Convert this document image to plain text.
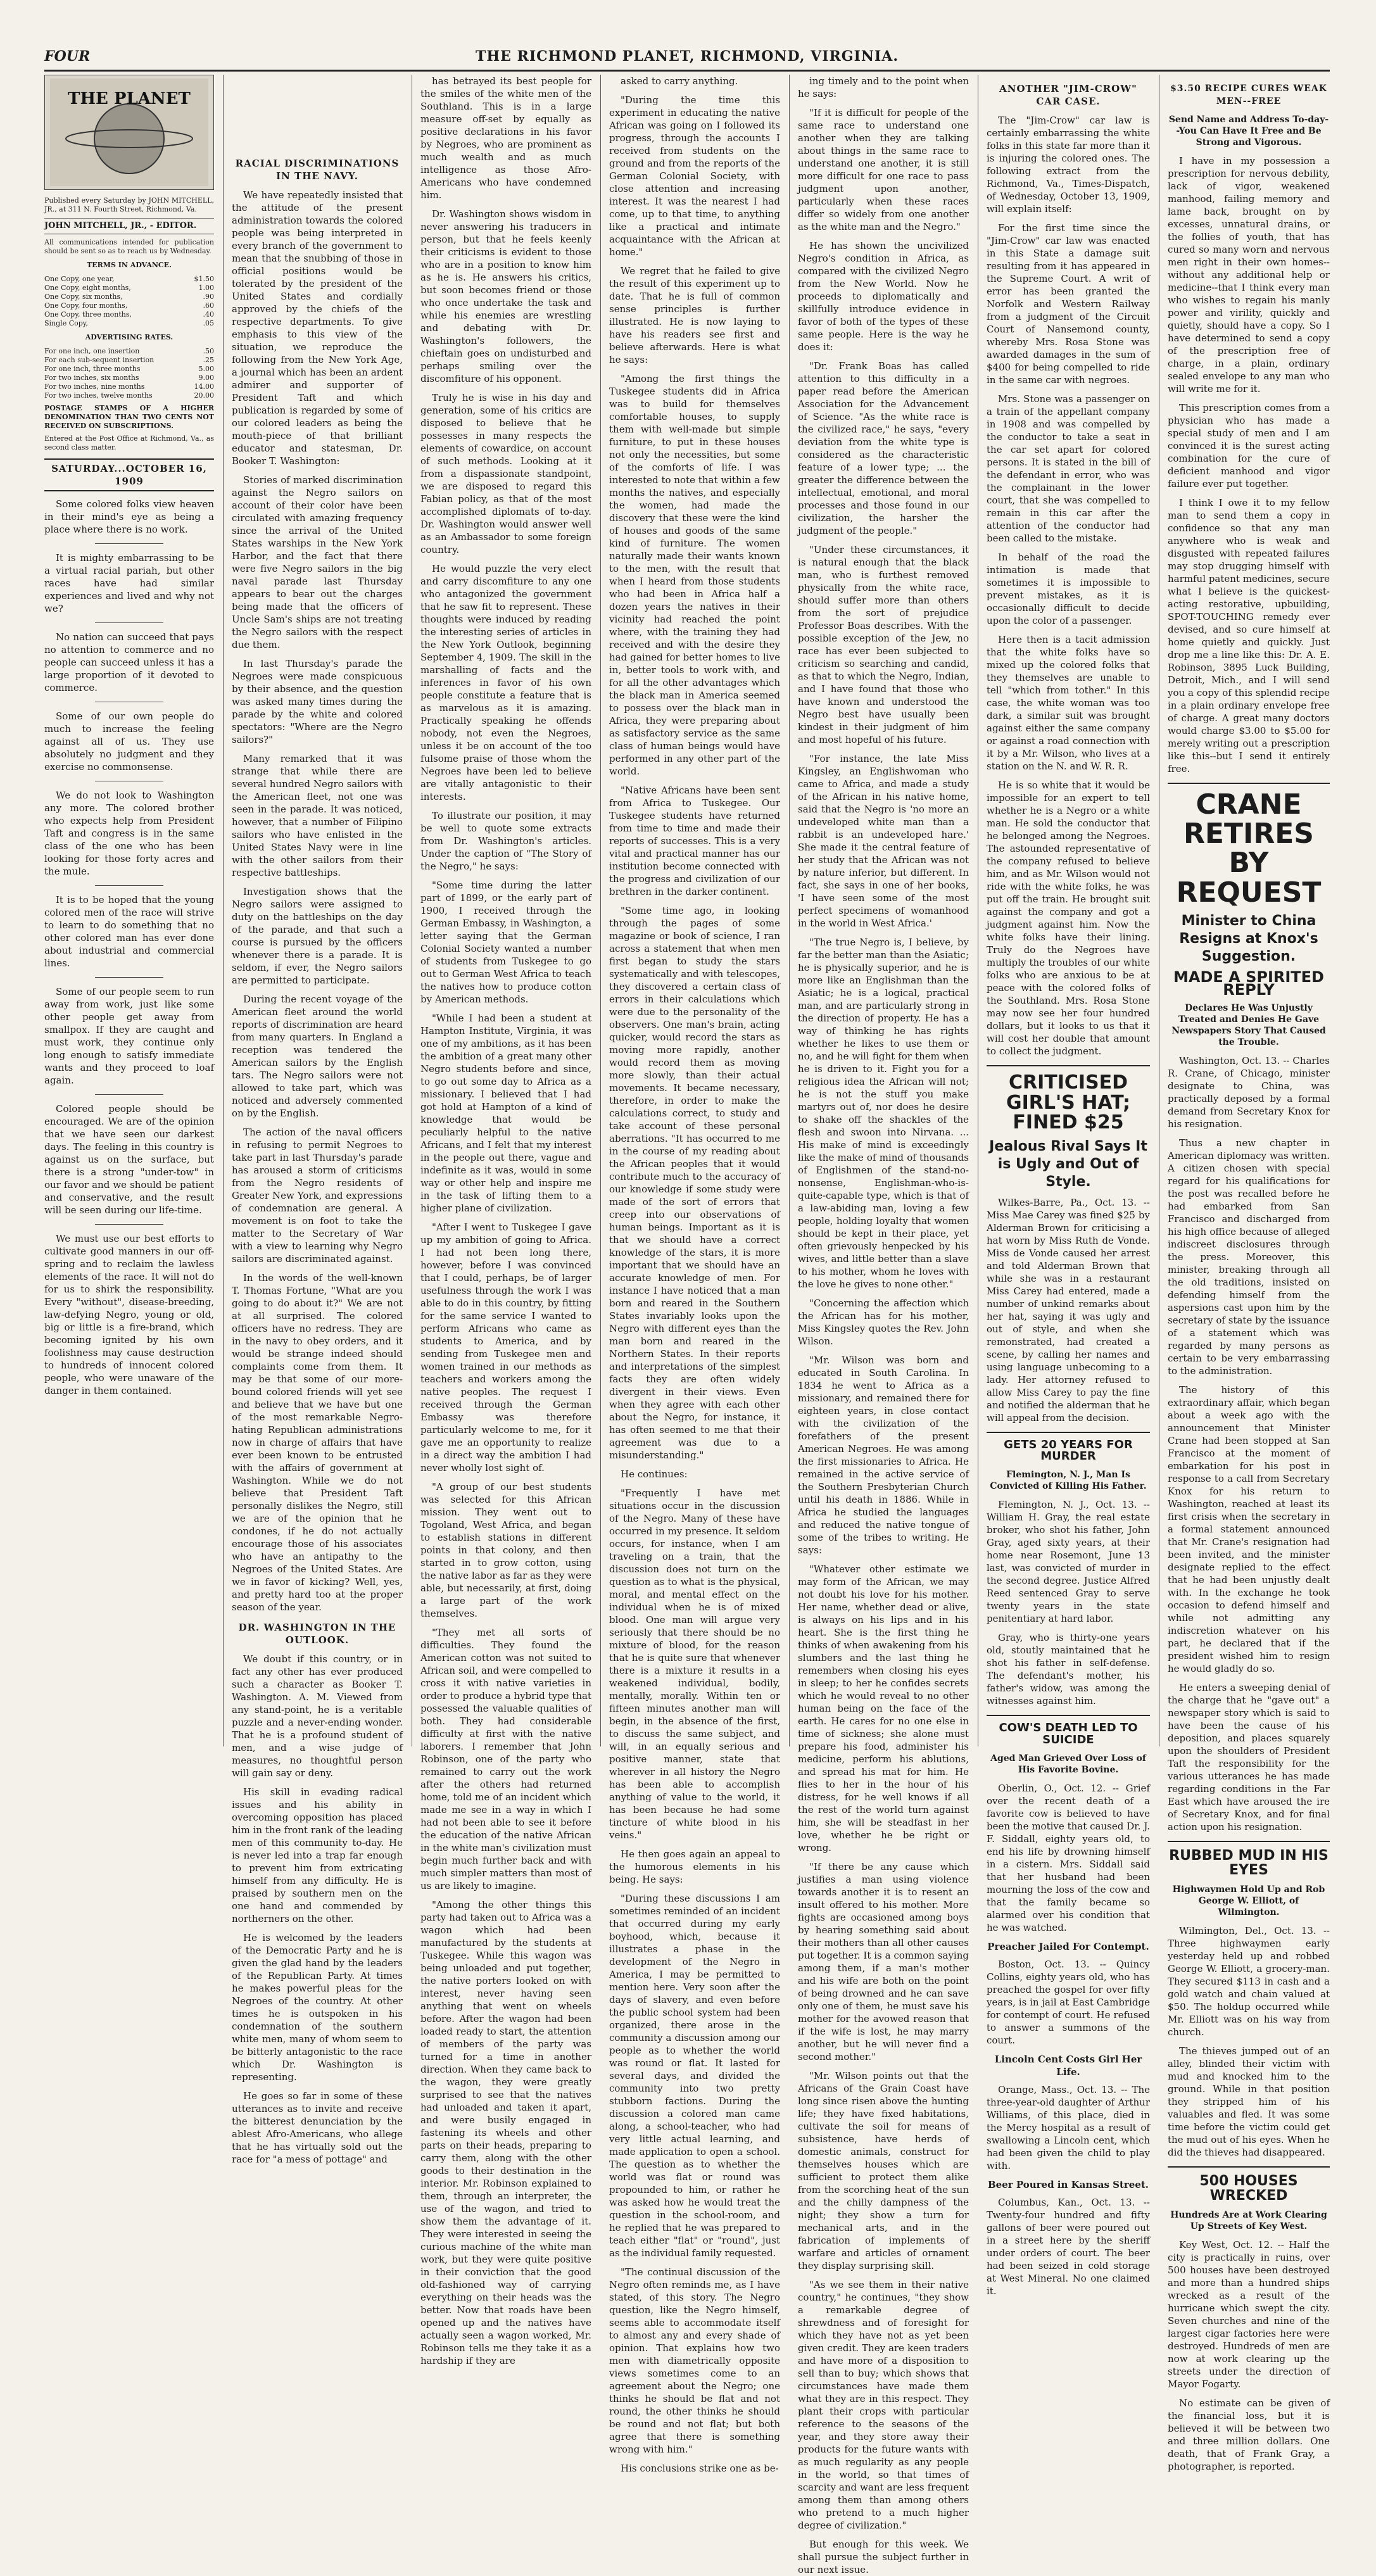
FOUR	THE RICHMOND PLANET, RICHMOND, VIRGINIA.
THE PLANET
Published every Saturday by JOHN MITCHELL, JR., at 311 N. Fourth Street, Richmond, Va.
JOHN MITCHELL, JR., - EDITOR.
All communications intended for publication should be sent so as to reach us by Wednesday.
TERMS IN ADVANCE.
One Copy, one year,	$1.50
One Copy, eight months,	1.00
One Copy, six months,	.90
One Copy, four months,	.60
One Copy, three months,	.40
Single Copy,	.05
ADVERTISING RATES.
For one inch, one insertion	.50
For each sub-sequent insertion	.25
For one inch, three months	5.00
For two inches, six months	9.00
For two inches, nine months	14.00
For two inches, twelve months	20.00
POSTAGE STAMPS OF A HIGHER DENOMINATION THAN TWO CENTS NOT RECEIVED ON SUBSCRIPTIONS.
Entered at the Post Office at Richmond, Va., as second class matter.
SATURDAY...OCTOBER 16, 1909

Some colored folks view heaven in their mind's eye as being a place where there is no work.

It is mighty embarrassing to be a virtual racial pariah, but other races have had similar experiences and lived and why not we?

No nation can succeed that pays no attention to commerce and no people can succeed unless it has a large proportion of it devoted to commerce.

Some of our own people do much to increase the feeling against all of us. They use absolutely no judgment and they exercise no commonsense.

We do not look to Washington any more. The colored brother who expects help from President Taft and congress is in the same class of the one who has been looking for those forty acres and the mule.

It is to be hoped that the young colored men of the race will strive to learn to do something that no other colored man has ever done about industrial and commercial lines.

Some of our people seem to run away from work, just like some other people get away from smallpox. If they are caught and must work, they continue only long enough to satisfy immediate wants and they proceed to loaf again.

Colored people should be encouraged. We are of the opinion that we have seen our darkest days. The feeling in this country is against us on the surface, but there is a strong "under-tow" in our favor and we should be patient and conservative, and the result will be seen during our life-time.

We must use our best efforts to cultivate good manners in our off-spring and to reclaim the lawless elements of the race. It will not do for us to shirk the responsibility. Every "without", disease-breeding, law-defying Negro, young or old, big or little is a fire-brand, which becoming ignited by his own foolishness may cause destruction to hundreds of innocent colored people, who were unaware of the danger in them contained.

RACIAL DISCRIMINATIONS IN THE NAVY.

We have repeatedly insisted that the attitude of the present administration towards the colored people was being interpreted in every branch of the government to mean that the snubbing of those in official positions would be tolerated by the president of the United States and cordially approved by the chiefs of the respective departments. To give emphasis to this view of the situation, we reproduce the following from the New York Age, a journal which has been an ardent admirer and supporter of President Taft and which publication is regarded by some of our colored leaders as being the mouth-piece of that brilliant educator and statesman, Dr. Booker T. Washington:

Stories of marked discrimination against the Negro sailors on account of their color have been circulated with amazing frequency since the arrival of the United States warships in the New York Harbor, and the fact that there were five Negro sailors in the big naval parade last Thursday appears to bear out the charges being made that the officers of Uncle Sam's ships are not treating the Negro sailors with the respect due them.

In last Thursday's parade the Negroes were made conspicuous by their absence, and the question was asked many times during the parade by the white and colored spectators: "Where are the Negro sailors?"

Many remarked that it was strange that while there are several hundred Negro sailors with the American fleet, not one was seen in the parade. It was noticed, however, that a number of Filipino sailors who have enlisted in the United States Navy were in line with the other sailors from their respective battleships.

Investigation shows that the Negro sailors were assigned to duty on the battleships on the day of the parade, and that such a course is pursued by the officers whenever there is a parade. It is seldom, if ever, the Negro sailors are permitted to participate.

During the recent voyage of the American fleet around the world reports of discrimination are heard from many quarters. In England a reception was tendered the American sailors by the English tars. The Negro sailors were not allowed to take part, which was noticed and adversely commented on by the English.

The action of the naval officers in refusing to permit Negroes to take part in last Thursday's parade has aroused a storm of criticisms from the Negro residents of Greater New York, and expressions of condemnation are general. A movement is on foot to take the matter to the Secretary of War with a view to learning why Negro sailors are discriminated against.

In the words of the well-known T. Thomas Fortune, "What are you going to do about it?" We are not at all surprised. The colored officers have no redress. They are in the navy to obey orders, and it would be strange indeed should complaints come from them. It may be that some of our more-bound colored friends will yet see and believe that we have but one of the most remarkable Negro-hating Republican administrations now in charge of affairs that have ever been known to be entrusted with the affairs of government at Washington. While we do not believe that President Taft personally dislikes the Negro, still we are of the opinion that he condones, if he do not actually encourage those of his associates who have an antipathy to the Negroes of the United States. Are we in favor of kicking? Well, yes, and pretty hard too at the proper season of the year.

DR. WASHINGTON IN THE OUTLOOK.

We doubt if this country, or in fact any other has ever produced such a character as Booker T. Washington. A. M. Viewed from any stand-point, he is a veritable puzzle and a never-ending wonder. That he is a profound student of men, and a wise judge of measures, no thoughtful person will gain say or deny.

His skill in evading radical issues and his ability in overcoming opposition has placed him in the front rank of the leading men of this community to-day. He is never led into a trap far enough to prevent him from extricating himself from any difficulty. He is praised by southern men on the one hand and commended by northerners on the other.

He is welcomed by the leaders of the Democratic Party and he is given the glad hand by the leaders of the Republican Party. At times he makes powerful pleas for the Negroes of the country. At other times he is outspoken in his condemnation of the southern white men, many of whom seem to be bitterly antagonistic to the race which Dr. Washington is representing.

He goes so far in some of these utterances as to invite and receive the bitterest denunciation by the ablest Afro-Americans, who allege that he has virtually sold out the race for "a mess of pottage" and

has betrayed its best people for the smiles of the white men of the Southland. This is in a large measure off-set by equally as positive declarations in his favor by Negroes, who are prominent as much wealth and as much intelligence as those Afro-Americans who have condemned him.

Dr. Washington shows wisdom in never answering his traducers in person, but that he feels keenly their criticisms is evident to those who are in a position to know him as he is. He answers his critics, but soon becomes friend or those who once undertake the task and while his enemies are wrestling and debating with Dr. Washington's followers, the chieftain goes on undisturbed and perhaps smiling over the discomfiture of his opponent.

Truly he is wise in his day and generation, some of his critics are disposed to believe that he possesses in many respects the elements of cowardice, on account of such methods. Looking at it from a dispassionate standpoint, we are disposed to regard this Fabian policy, as that of the most accomplished diplomats of to-day. Dr. Washington would answer well as an Ambassador to some foreign country.

He would puzzle the very elect and carry discomfiture to any one who antagonized the government that he saw fit to represent. These thoughts were induced by reading the interesting series of articles in the New York Outlook, beginning September 4, 1909. The skill in the marshalling of facts and the inferences in favor of his own people constitute a feature that is as marvelous as it is amazing. Practically speaking he offends nobody, not even the Negroes, unless it be on account of the too fulsome praise of those whom the Negroes have been led to believe are vitally antagonistic to their interests.

To illustrate our position, it may be well to quote some extracts from Dr. Washington's articles. Under the caption of "The Story of the Negro," he says:

"Some time during the latter part of 1899, or the early part of 1900, I received through the German Embassy, in Washington, a letter saying that the German Colonial Society wanted a number of students from Tuskegee to go out to German West Africa to teach the natives how to produce cotton by American methods.

"While I had been a student at Hampton Institute, Virginia, it was one of my ambitions, as it has been the ambition of a great many other Negro students before and since, to go out some day to Africa as a missionary. I believed that I had got hold at Hampton of a kind of knowledge that would be peculiarly helpful to the native Africans, and I felt that my interest in the people out there, vague and indefinite as it was, would in some way or other help and inspire me in the task of lifting them to a higher plane of civilization.

"After I went to Tuskegee I gave up my ambition of going to Africa. I had not been long there, however, before I was convinced that I could, perhaps, be of larger usefulness through the work I was able to do in this country, by fitting for the same service I wanted to perform Africans who came as students to America, and by sending from Tuskegee men and women trained in our methods as teachers and workers among the native peoples. The request I received through the German Embassy was therefore particularly welcome to me, for it gave me an opportunity to realize in a direct way the ambition I had never wholly lost sight of.

"A group of our best students was selected for this African mission. They went out to Togoland, West Africa, and began to establish stations in different points in that colony, and then started in to grow cotton, using the native labor as far as they were able, but necessarily, at first, doing a large part of the work themselves.

"They met all sorts of difficulties. They found the American cotton was not suited to African soil, and were compelled to cross it with native varieties in order to produce a hybrid type that possessed the valuable qualities of both. They had considerable difficulty at first with the native laborers. I remember that John Robinson, one of the party who remained to carry out the work after the others had returned home, told me of an incident which made me see in a way in which I had not been able to see it before the education of the native African in the white man's civilization must begin much further back and with much simpler matters than most of us are likely to imagine.

"Among the other things this party had taken out to Africa was a wagon which had been manufactured by the students at Tuskegee. While this wagon was being unloaded and put together, the native porters looked on with interest, never having seen anything that went on wheels before. After the wagon had been loaded ready to start, the attention of members of the party was turned for a time in another direction. When they came back to the wagon, they were greatly surprised to see that the natives had unloaded and taken it apart, and were busily engaged in fastening its wheels and other parts on their heads, preparing to carry them, along with the other goods to their destination in the interior. Mr. Robinson explained to them, through an interpreter, the use of the wagon, and tried to show them the advantage of it. They were interested in seeing the curious machine of the white man work, but they were quite positive in their conviction that the good old-fashioned way of carrying everything on their heads was the better. Now that roads have been opened up and the natives have actually seen a wagon worked, Mr. Robinson tells me they take it as a hardship if they are

asked to carry anything.

"During the time this experiment in educating the native African was going on I followed its progress, through the accounts I received from students on the ground and from the reports of the German Colonial Society, with close attention and increasing interest. It was the nearest I had come, up to that time, to anything like a practical and intimate acquaintance with the African at home."

We regret that he failed to give the result of this experiment up to date. That he is full of common sense principles is further illustrated. He is now laying to have his readers see first and believe afterwards. Here is what he says:

"Among the first things the Tuskegee students did in Africa was to build for themselves comfortable houses, to supply them with well-made but simple furniture, to put in these houses not only the necessities, but some of the comforts of life. I was interested to note that within a few months the natives, and especially the women, had made the discovery that these were the kind of houses and goods of the same kind of furniture. The women naturally made their wants known to the men, with the result that when I heard from those students who had been in Africa half a dozen years the natives in their vicinity had reached the point where, with the training they had received and with the desire they had gained for better homes to live in, better tools to work with, and for all the other advantages which the black man in America seemed to possess over the black man in Africa, they were preparing about as satisfactory service as the same class of human beings would have performed in any other part of the world.

"Native Africans have been sent from Africa to Tuskegee. Our Tuskegee students have returned from time to time and made their reports of successes. This is a very vital and practical manner has our institution become connected with the progress and civilization of our brethren in the darker continent.

"Some time ago, in looking through the pages of some magazine or book of science, I ran across a statement that when men first began to study the stars systematically and with telescopes, they discovered a certain class of errors in their calculations which were due to the personality of the observers. One man's brain, acting quicker, would record the stars as moving more rapidly, another would record them as moving more slowly, than their actual movements. It became necessary, therefore, in order to make the calculations correct, to study and take account of these personal aberrations. "It has occurred to me in the course of my reading about the African peoples that it would contribute much to the accuracy of our knowledge if some study were made of the sort of errors that creep into our observations of human beings. Important as it is that we should have a correct knowledge of the stars, it is more important that we should have an accurate knowledge of men. For instance I have noticed that a man born and reared in the Southern States invariably looks upon the Negro with different eyes than the man born and reared in the Northern States. In their reports and interpretations of the simplest facts they are often widely divergent in their views. Even when they agree with each other about the Negro, for instance, it has often seemed to me that their agreement was due to a misunderstanding."

He continues:

"Frequently I have met situations occur in the discussion of the Negro. Many of these have occurred in my presence. It seldom occurs, for instance, when I am traveling on a train, that the discussion does not turn on the question as to what is the physical, moral, and mental effect on the individual when he is of mixed blood. One man will argue very seriously that there should be no mixture of blood, for the reason that he is quite sure that whenever there is a mixture it results in a weakened individual, bodily, mentally, morally. Within ten or fifteen minutes another man will begin, in the absence of the first, to discuss the same subject, and will, in an equally serious and positive manner, state that wherever in all history the Negro has been able to accomplish anything of value to the world, it has been because he had some tincture of white blood in his veins."

He then goes again an appeal to the humorous elements in his being. He says:

"During these discussions I am sometimes reminded of an incident that occurred during my early boyhood, which, because it illustrates a phase in the development of the Negro in America, I may be permitted to mention here. Very soon after the days of slavery, and even before the public school system had been organized, there arose in the community a discussion among our people as to whether the world was round or flat. It lasted for several days, and divided the community into two pretty stubborn factions. During the discussion a colored man came along, a school-teacher, who had very little actual learning, and made application to open a school. The question as to whether the world was flat or round was propounded to him, or rather he was asked how he would treat the question in the school-room, and he replied that he was prepared to teach either "flat" or "round", just as the individual family requested.

"The continual discussion of the Negro often reminds me, as I have stated, of this story. The Negro question, like the Negro himself, seems able to accommodate itself to almost any and every shade of opinion. That explains how two men with diametrically opposite views sometimes come to an agreement about the Negro; one thinks he should be flat and not round, the other thinks he should be round and not flat; but both agree that there is something wrong with him."

His conclusions strike one as be-

ing timely and to the point when he says:

"If it is difficult for people of the same race to understand one another when they are talking about things in the same race to understand one another, it is still more difficult for one race to pass judgment upon another, particularly when these races differ so widely from one another as the white man and the Negro."

He has shown the uncivilized Negro's condition in Africa, as compared with the civilized Negro from the New World. Now he proceeds to diplomatically and skillfully introduce evidence in favor of both of the types of these same people. Here is the way he does it:

"Dr. Frank Boas has called attention to this difficulty in a paper read before the American Association for the Advancement of Science. "As the white race is the civilized race," he says, "every deviation from the white type is considered as the characteristic feature of a lower type; ... the greater the difference between the intellectual, emotional, and moral processes and those found in our civilization, the harsher the judgment of the people."

"Under these circumstances, it is natural enough that the black man, who is furthest removed physically from the white race, should suffer more than others from the sort of prejudice Professor Boas describes. With the possible exception of the Jew, no race has ever been subjected to criticism so searching and candid, as that to which the Negro, Indian, and I have found that those who have known and understood the Negro best have usually been kindest in their judgment of him and most hopeful of his future.

"For instance, the late Miss Kingsley, an Englishwoman who came to Africa, and made a study of the African in his native home, said that the Negro is 'no more an undeveloped white man than a rabbit is an undeveloped hare.' She made it the central feature of her study that the African was not by nature inferior, but different. In fact, she says in one of her books, 'I have seen some of the most perfect specimens of womanhood in the world in West Africa.'

"The true Negro is, I believe, by far the better man than the Asiatic; he is physically superior, and he is more like an Englishman than the Asiatic; he is a logical, practical man, and are particularly strong in the direction of property. He has a way of thinking he has rights whether he likes to use them or no, and he will fight for them when he is driven to it. Fight you for a religious idea the African will not; he is not the stuff you make martyrs out of, nor does he desire to shake off the shackles of the flesh and swoon into Nirvana. ... His make of mind is exceedingly like the make of mind of thousands of Englishmen of the stand-no-nonsense, Englishman-who-is-quite-capable type, which is that of a law-abiding man, loving a few people, holding loyalty that women should be kept in their place, yet often grievously henpecked by his wives, and little better than a slave to his mother, whom he loves with the love he gives to none other."

"Concerning the affection which the African has for his mother, Miss Kingsley quotes the Rev. John Wilson.

"Mr. Wilson was born and educated in South Carolina. In 1834 he went to Africa as a missionary, and remained there for eighteen years, in close contact with the civilization of the forefathers of the present American Negroes. He was among the first missionaries to Africa. He remained in the active service of the Southern Presbyterian Church until his death in 1886. While in Africa he studied the languages and reduced the native tongue of some of the tribes to writing. He says:

"Whatever other estimate we may form of the African, we may not doubt his love for his mother. Her name, whether dead or alive, is always on his lips and in his heart. She is the first thing he thinks of when awakening from his slumbers and the last thing he remembers when closing his eyes in sleep; to her he confides secrets which he would reveal to no other human being on the face of the earth. He cares for no one else in time of sickness; she alone must prepare his food, administer his medicine, perform his ablutions, and spread his mat for him. He flies to her in the hour of his distress, for he well knows if all the rest of the world turn against him, she will be steadfast in her love, whether he be right or wrong.

"If there be any cause which justifies a man using violence towards another it is to resent an insult offered to his mother. More fights are occasioned among boys by hearing something said about their mothers than all other causes put together. It is a common saying among them, if a man's mother and his wife are both on the point of being drowned and he can save only one of them, he must save his mother for the avowed reason that if the wife is lost, he may marry another, but he will never find a second mother."

"Mr. Wilson points out that the Africans of the Grain Coast have long since risen above the hunting life; they have fixed habitations, cultivate the soil for means of subsistence, have herds of domestic animals, construct for themselves houses which are sufficient to protect them alike from the scorching heat of the sun and the chilly dampness of the night; they show a turn for mechanical arts, and in the fabrication of implements of warfare and articles of ornament they display surprising skill.

"As we see them in their native country," he continues, "they show a remarkable degree of shrewdness and of foresight for which they have not as yet been given credit. They are keen traders and have more of a disposition to sell than to buy; which shows that circumstances have made them what they are in this respect. They plant their crops with particular reference to the seasons of the year, and they store away their products for the future wants with as much regularity as any people in the world, so that times of scarcity and want are less frequent among them than among others who pretend to a much higher degree of civilization."

But enough for this week. We shall pursue the subject further in our next issue.

ANOTHER "JIM-CROW" CAR CASE.

The "Jim-Crow" car law is certainly embarrassing the white folks in this state far more than it is injuring the colored ones. The following extract from the Richmond, Va., Times-Dispatch, of Wednesday, October 13, 1909, will explain itself:

For the first time since the "Jim-Crow" car law was enacted in this State a damage suit resulting from it has appeared in the Supreme Court. A writ of error has been granted the Norfolk and Western Railway from a judgment of the Circuit Court of Nansemond county, whereby Mrs. Rosa Stone was awarded damages in the sum of $400 for being compelled to ride in the same car with negroes.

Mrs. Stone was a passenger on a train of the appellant company in 1908 and was compelled by the conductor to take a seat in the car set apart for colored persons. It is stated in the bill of the defendant in error, who was the complainant in the lower court, that she was compelled to remain in this car after the attention of the conductor had been called to the mistake.

In behalf of the road the intimation is made that sometimes it is impossible to prevent mistakes, as it is occasionally difficult to decide upon the color of a passenger.

Here then is a tacit admission that the white folks have so mixed up the colored folks that they themselves are unable to tell "which from tother." In this case, the white woman was too dark, a similar suit was brought against either the same company or against a road connection with it by a Mr. Wilson, who lives at a station on the N. and W. R. R.

He is so white that it would be impossible for an expert to tell whether he is a Negro or a white man. He sold the conductor that he belonged among the Negroes. The astounded representative of the company refused to believe him, and as Mr. Wilson would not ride with the white folks, he was put off the train. He brought suit against the company and got a judgment against him. Now the white folks have their lining. Truly do the Negroes have multiply the troubles of our white folks who are anxious to be at peace with the colored folks of the Southland. Mrs. Rosa Stone may now see her four hundred dollars, but it looks to us that it will cost her double that amount to collect the judgment.

CRITICISED GIRL'S HAT; FINED $25
Jealous Rival Says It is Ugly and Out of Style.

Wilkes-Barre, Pa., Oct. 13. -- Miss Mae Carey was fined $25 by Alderman Brown for criticising a hat worn by Miss Ruth de Vonde. Miss de Vonde caused her arrest and told Alderman Brown that while she was in a restaurant Miss Carey had entered, made a number of unkind remarks about her hat, saying it was ugly and out of style, and when she remonstrated, had created a scene, by calling her names and using language unbecoming to a lady. Her attorney refused to allow Miss Carey to pay the fine and notified the alderman that he will appeal from the decision.

GETS 20 YEARS FOR MURDER
Flemington, N. J., Man Is Convicted of Killing His Father.

Flemington, N. J., Oct. 13. -- William H. Gray, the real estate broker, who shot his father, John Gray, aged sixty years, at their home near Rosemont, June 13 last, was convicted of murder in the second degree. Justice Alfred Reed sentenced Gray to serve twenty years in the state penitentiary at hard labor.

Gray, who is thirty-one years old, stoutly maintained that he shot his father in self-defense. The defendant's mother, his father's widow, was among the witnesses against him.

COW'S DEATH LED TO SUICIDE
Aged Man Grieved Over Loss of His Favorite Bovine.

Oberlin, O., Oct. 12. -- Grief over the recent death of a favorite cow is believed to have been the motive that caused Dr. J. F. Siddall, eighty years old, to end his life by drowning himself in a cistern. Mrs. Siddall said that her husband had been mourning the loss of the cow and that the family became so alarmed over his condition that he was watched.

Preacher Jailed For Contempt.

Boston, Oct. 13. -- Quincy Collins, eighty years old, who has preached the gospel for over fifty years, is in jail at East Cambridge for contempt of court. He refused to answer a summons of the court.

Lincoln Cent Costs Girl Her Life.

Orange, Mass., Oct. 13. -- The three-year-old daughter of Arthur Williams, of this place, died in the Mercy hospital as a result of swallowing a Lincoln cent, which had been given the child to play with.

Beer Poured in Kansas Street.

Columbus, Kan., Oct. 13. -- Twenty-four hundred and fifty gallons of beer were poured out in a street here by the sheriff under orders of court. The beer had been seized in cold storage at West Mineral. No one claimed it.

$3.50 RECIPE CURES WEAK MEN--FREE
Send Name and Address To-day--You Can Have It Free and Be Strong and Vigorous.

I have in my possession a prescription for nervous debility, lack of vigor, weakened manhood, failing memory and lame back, brought on by excesses, unnatural drains, or the follies of youth, that has cured so many worn and nervous men right in their own homes--without any additional help or medicine--that I think every man who wishes to regain his manly power and virility, quickly and quietly, should have a copy. So I have determined to send a copy of the prescription free of charge, in a plain, ordinary sealed envelope to any man who will write me for it.

This prescription comes from a physician who has made a special study of men and I am convinced it is the surest acting combination for the cure of deficient manhood and vigor failure ever put together.

I think I owe it to my fellow man to send them a copy in confidence so that any man anywhere who is weak and disgusted with repeated failures may stop drugging himself with harmful patent medicines, secure what I believe is the quickest-acting restorative, upbuilding, SPOT-TOUCHING remedy ever devised, and so cure himself at home quietly and quickly. Just drop me a line like this: Dr. A. E. Robinson, 3895 Luck Building, Detroit, Mich., and I will send you a copy of this splendid recipe in a plain ordinary envelope free of charge. A great many doctors would charge $3.00 to $5.00 for merely writing out a prescription like this--but I send it entirely free.

CRANE RETIRES BY REQUEST
Minister to China Resigns at Knox's Suggestion.
MADE A SPIRITED REPLY
Declares He Was Unjustly Treated and Denies He Gave Newspapers Story That Caused the Trouble.

Washington, Oct. 13. -- Charles R. Crane, of Chicago, minister designate to China, was practically deposed by a formal demand from Secretary Knox for his resignation.

Thus a new chapter in American diplomacy was written. A citizen chosen with special regard for his qualifications for the post was recalled before he had embarked from San Francisco and discharged from his high office because of alleged indiscreet disclosures through the press. Moreover, this minister, breaking through all the old traditions, insisted on defending himself from the aspersions cast upon him by the secretary of state by the issuance of a statement which was regarded by many persons as certain to be very embarrassing to the administration.

The history of this extraordinary affair, which began about a week ago with the announcement that Minister Crane had been stopped at San Francisco at the moment of embarkation for his post in response to a call from Secretary Knox for his return to Washington, reached at least its first crisis when the secretary in a formal statement announced that Mr. Crane's resignation had been invited, and the minister designate replied to the effect that he had been unjustly dealt with. In the exchange he took occasion to defend himself and while not admitting any indiscretion whatever on his part, he declared that if the president wished him to resign he would gladly do so.

He enters a sweeping denial of the charge that he "gave out" a newspaper story which is said to have been the cause of his deposition, and places squarely upon the shoulders of President Taft the responsibility for the various utterances he has made regarding conditions in the Far East which have aroused the ire of Secretary Knox, and for final action upon his resignation.

RUBBED MUD IN HIS EYES
Highwaymen Hold Up and Rob George W. Elliott, of Wilmington.

Wilmington, Del., Oct. 13. -- Three highwaymen early yesterday held up and robbed George W. Elliott, a grocery-man. They secured $113 in cash and a gold watch and chain valued at $50. The holdup occurred while Mr. Elliott was on his way from church.

The thieves jumped out of an alley, blinded their victim with mud and knocked him to the ground. While in that position they stripped him of his valuables and fled. It was some time before the victim could get the mud out of his eyes. When he did the thieves had disappeared.

500 HOUSES WRECKED
Hundreds Are at Work Clearing Up Streets of Key West.

Key West, Oct. 12. -- Half the city is practically in ruins, over 500 houses have been destroyed and more than a hundred ships wrecked as a result of the hurricane which swept the city. Seven churches and nine of the largest cigar factories here were destroyed. Hundreds of men are now at work clearing up the streets under the direction of Mayor Fogarty.

No estimate can be given of the financial loss, but it is believed it will be between two and three million dollars. One death, that of Frank Gray, a photographer, is reported.
